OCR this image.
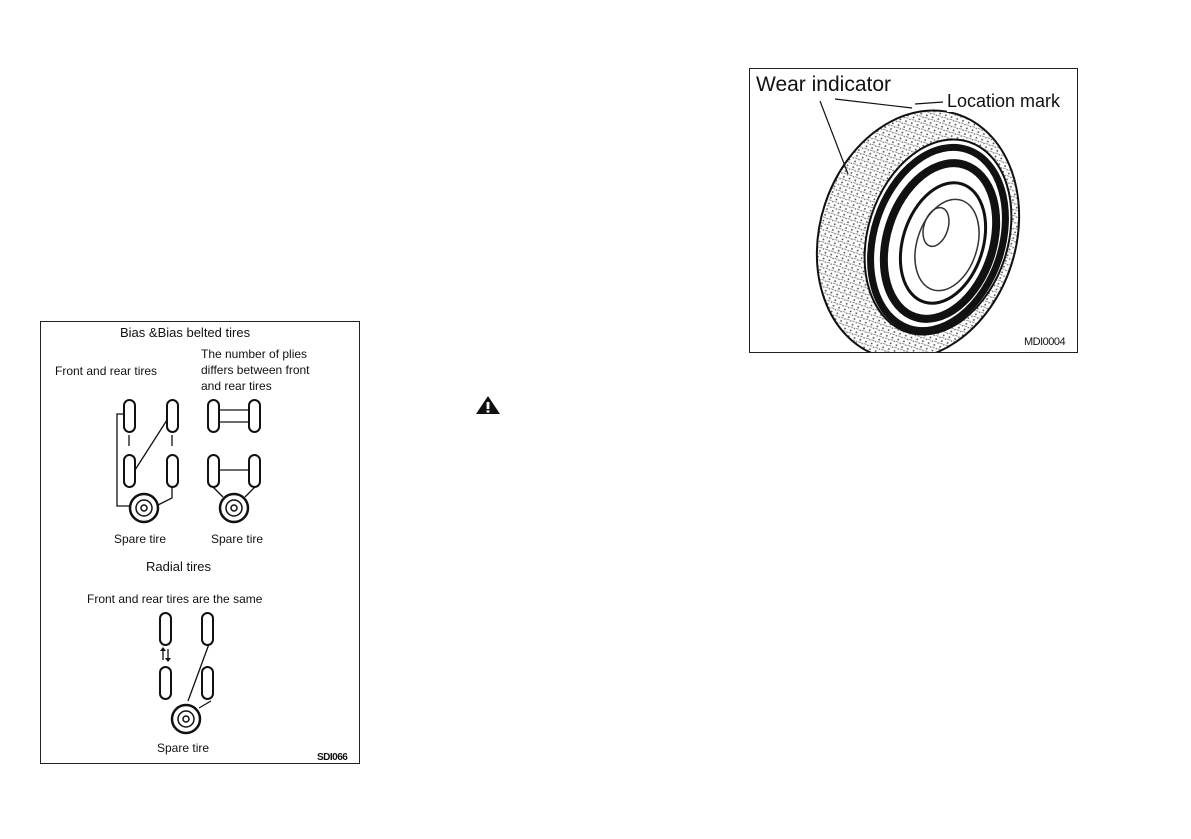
Bias &Bias belted tires
Front and rear tires
The number of plies
differs between front
and rear tires
Spare tire	Spare tire
Radial tires
Front and rear tires are the same
Spare tire
SDI066
Wear indicator
Location mark
MDI0004
